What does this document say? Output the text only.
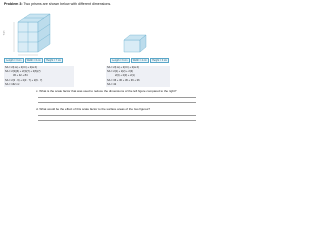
Problem 3: Two prisms are shown below with different dimensions.
7 cm
Length = 3 cm	Width = 6 cm	Height = 7 cm	Length = 6 cm	Width = 4 cm	Height = 3 cm
SA = 2(l·w) + 2(l·h) + 2(w·h)
SA = 2(3)(6) + 2(3)(7) + 2(6)(7)
36 + 42 + 84
SA = 2(3 · 6) + 2(3 · 7) + 2(6 · 7)
SA = 162 m²
SA = 2(l·w) + 2(l·h) + 2(w·h)
SA = 2(2) + 2(2) + 2(3)
2(3) + 2(3) + 2(1)
SA = 36 + 36 + 36 + 36 + 36
SA = 42
c. What is the scale factor that was used to reduce the dimensions of the left figure compared to the right?
d. What would be the effect of this scale factor to the surface areas of the two figures?
